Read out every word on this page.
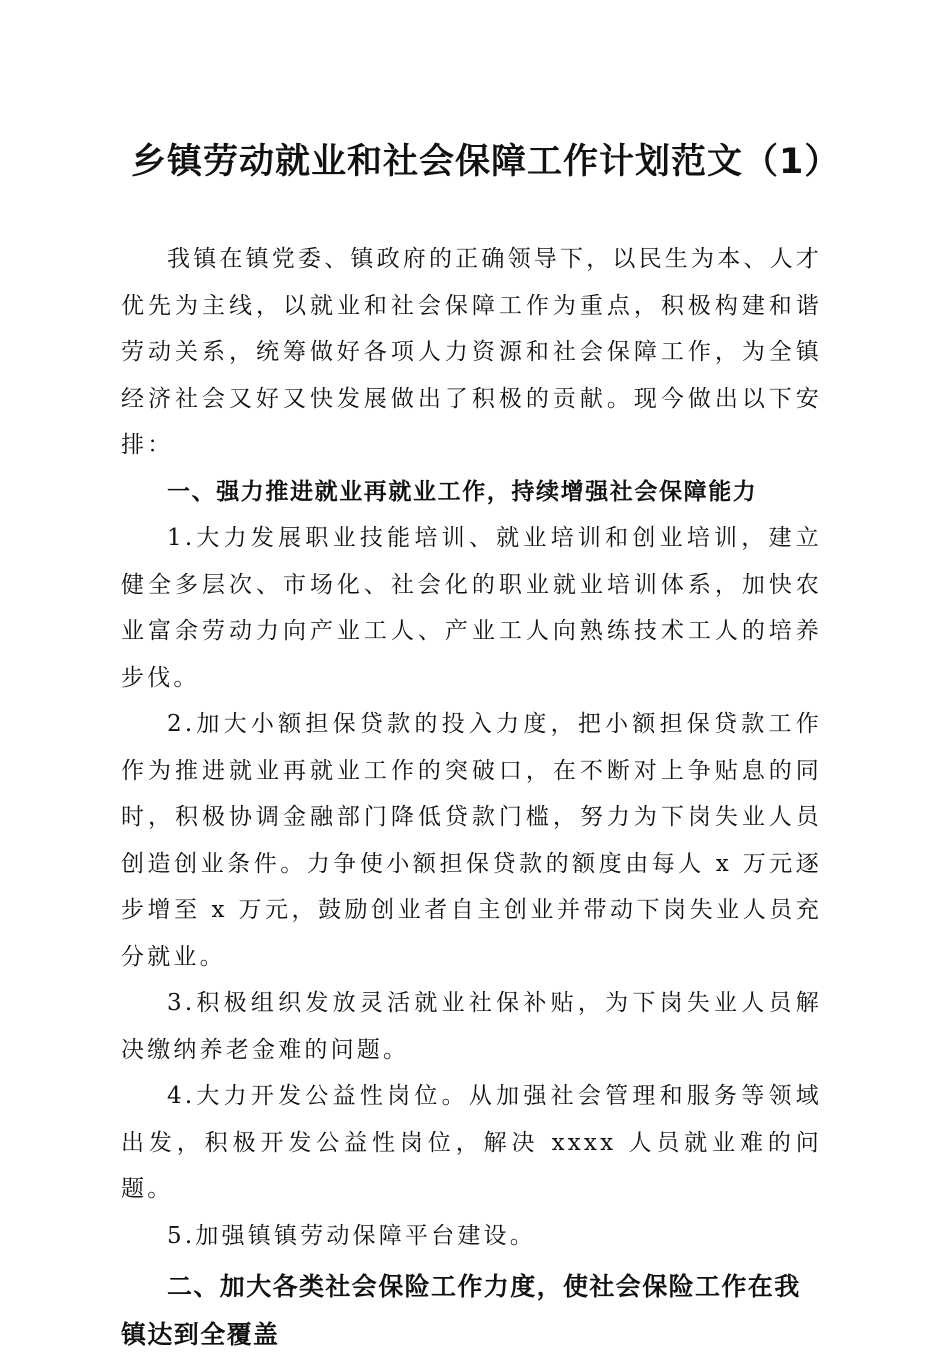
乡镇劳动就业和社会保障工作计划范文（1）

我镇在镇党委、镇政府的正确领导下，以民生为本、人才优先为主线，以就业和社会保障工作为重点，积极构建和谐劳动关系，统筹做好各项人力资源和社会保障工作，为全镇经济社会又好又快发展做出了积极的贡献。现今做出以下安排：

一、强力推进就业再就业工作，持续增强社会保障能力

1.大力发展职业技能培训、就业培训和创业培训，建立健全多层次、市场化、社会化的职业就业培训体系，加快农业富余劳动力向产业工人、产业工人向熟练技术工人的培养步伐。

2.加大小额担保贷款的投入力度，把小额担保贷款工作作为推进就业再就业工作的突破口，在不断对上争贴息的同时，积极协调金融部门降低贷款门槛，努力为下岗失业人员创造创业条件。力争使小额担保贷款的额度由每人 x 万元逐步增至 x 万元，鼓励创业者自主创业并带动下岗失业人员充分就业。

3.积极组织发放灵活就业社保补贴，为下岗失业人员解决缴纳养老金难的问题。

4.大力开发公益性岗位。从加强社会管理和服务等领域出发，积极开发公益性岗位，解决 xxxx 人员就业难的问题。

5.加强镇镇劳动保障平台建设。

二、加大各类社会保险工作力度，使社会保险工作在我镇达到全覆盖
